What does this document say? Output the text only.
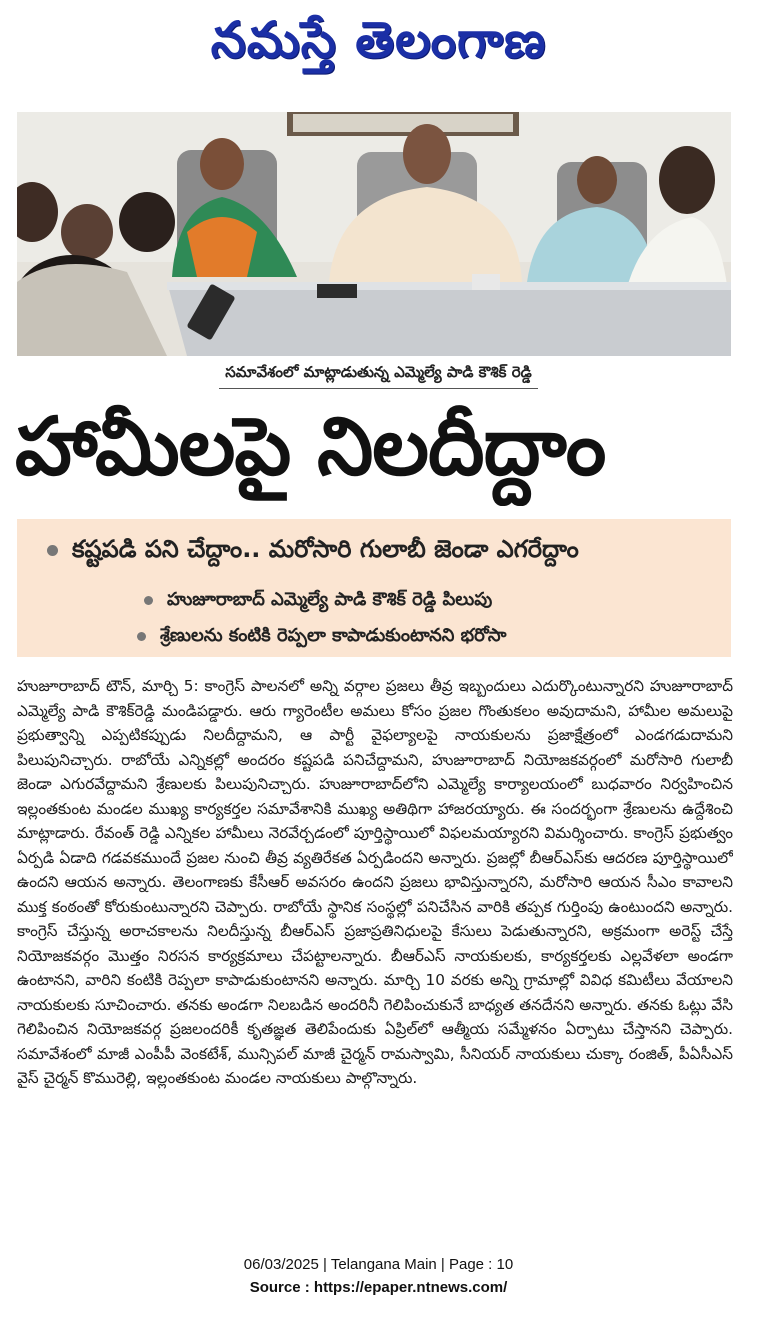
నమస్తే తెలంగాణ
సమావేశంలో మాట్లాడుతున్న ఎమ్మెల్యే పాడి కౌశిక్ రెడ్డి
హామీలపై నిలదీద్దాం
కష్టపడి పని చేద్దాం.. మరోసారి గులాబీ జెండా ఎగరేద్దాం
హుజూరాబాద్ ఎమ్మెల్యే పాడి కౌశిక్ రెడ్డి పిలుపు
శ్రేణులను కంటికి రెప్పలా కాపాడుకుంటానని భరోసా
హుజూరాబాద్ టౌన్, మార్చి 5: కాంగ్రెస్ పాలనలో అన్ని వర్గాల ప్రజలు తీవ్ర ఇబ్బందులు ఎదుర్కొంటున్నారని హుజూరాబాద్ ఎమ్మెల్యే పాడి కౌశిక్‌రెడ్డి మండిపడ్డారు. ఆరు గ్యారెంటీల అమలు కోసం ప్రజల గొంతుకలం అవుదామని, హామీల అమలుపై ప్రభుత్వాన్ని ఎప్పటికప్పుడు నిలదీద్దామని, ఆ పార్టీ వైఫల్యాలపై నాయకులను ప్రజాక్షేత్రంలో ఎండగడుదామని పిలుపునిచ్చారు. రాబోయే ఎన్నికల్లో అందరం కష్టపడి పనిచేద్దామని, హుజూరాబాద్ నియోజకవర్గంలో మరోసారి గులాబీ జెండా ఎగురవేద్దామని శ్రేణులకు పిలుపునిచ్చారు. హుజూరాబాద్‌లోని ఎమ్మెల్యే కార్యాలయంలో బుధవారం నిర్వహించిన ఇల్లంతకుంట మండల ముఖ్య కార్యకర్తల సమావేశానికి ముఖ్య అతిథిగా హాజరయ్యారు. ఈ సందర్భంగా శ్రేణులను ఉద్దేశించి మాట్లాడారు. రేవంత్ రెడ్డి ఎన్నికల హామీలు నెరవేర్చడంలో పూర్తిస్థాయిలో విఫలమయ్యారని విమర్శించారు. కాంగ్రెస్ ప్రభుత్వం ఏర్పడి ఏడాది గడవకముందే ప్రజల నుంచి తీవ్ర వ్యతిరేకత ఏర్పడిందని అన్నారు. ప్రజల్లో బీఆర్‌ఎస్‌కు ఆదరణ పూర్తిస్థాయిలో ఉందని ఆయన అన్నారు. తెలంగాణకు కేసీఆర్ అవసరం ఉందని ప్రజలు భావిస్తున్నారని, మరోసారి ఆయన సీఎం కావాలని ముక్త కంఠంతో కోరుకుంటున్నారని చెప్పారు. రాబోయే స్థానిక సంస్థల్లో పనిచేసిన వారికి తప్పక గుర్తింపు ఉంటుందని అన్నారు. కాంగ్రెస్ చేస్తున్న అరాచకాలను నిలదీస్తున్న బీఆర్‌ఎస్ ప్రజాప్రతినిధులపై కేసులు పెడుతున్నారని, అక్రమంగా అరెస్ట్ చేస్తే నియోజకవర్గం మొత్తం నిరసన కార్యక్రమాలు చేపట్టాలన్నారు. బీఆర్‌ఎస్ నాయకులకు, కార్యకర్తలకు ఎల్లవేళలా అండగా ఉంటానని, వారిని కంటికి రెప్పలా కాపాడుకుంటానని అన్నారు. మార్చి 10 వరకు అన్ని గ్రామాల్లో వివిధ కమిటీలు వేయాలని నాయకులకు సూచించారు. తనకు అండగా నిలబడిన అందరినీ గెలిపించుకునే బాధ్యత తనదేనని అన్నారు. తనకు ఓట్లు వేసి గెలిపించిన నియోజకవర్గ ప్రజలందరికీ కృతజ్ఞత తెలిపేందుకు ఏప్రిల్‌లో ఆత్మీయ సమ్మేళనం ఏర్పాటు చేస్తానని చెప్పారు. సమావేశంలో మాజీ ఎంపీపీ వెంకటేశ్, మున్సిపల్ మాజీ చైర్మన్ రామస్వామి, సీనియర్ నాయకులు చుక్కా రంజిత్, పీఏసీఎస్ వైస్ చైర్మన్ కొమురెల్లి, ఇల్లంతకుంట మండల నాయకులు పాల్గొన్నారు.
06/03/2025 | Telangana Main | Page : 10
Source : https://epaper.ntnews.com/
